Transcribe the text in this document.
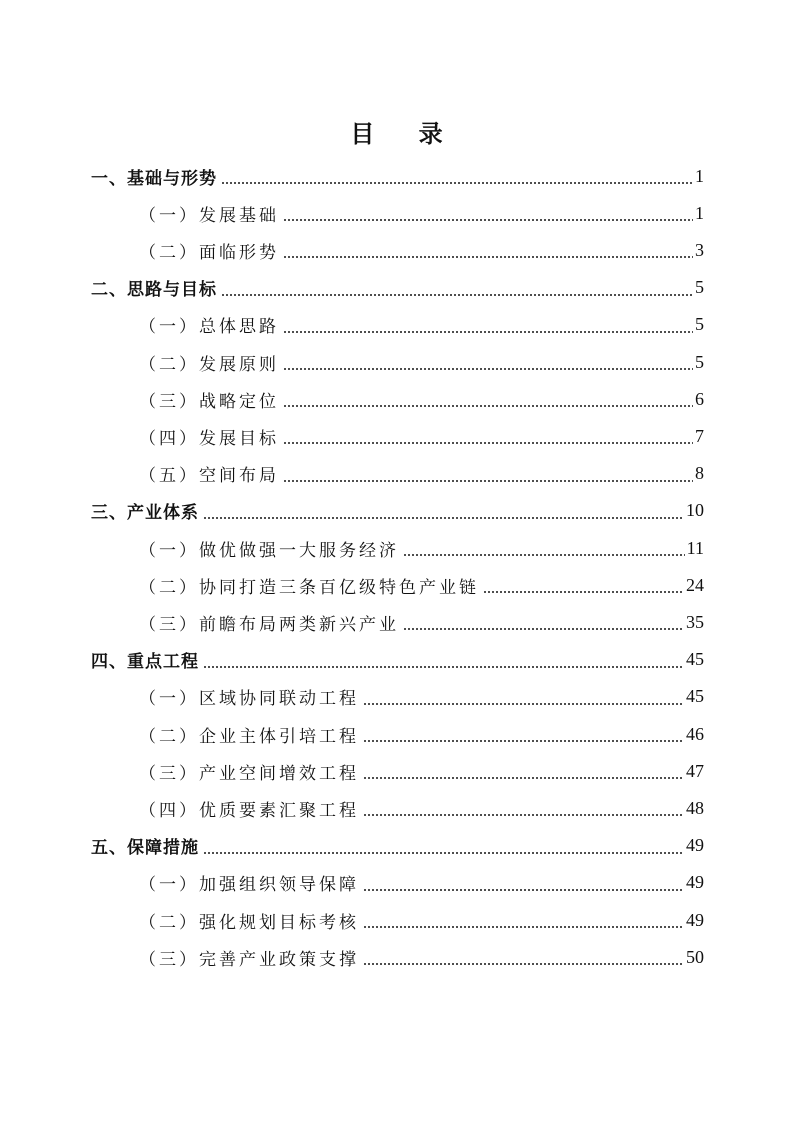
目 录
一、基础与形势	1
（一）发展基础	1
（二）面临形势	3
二、思路与目标	5
（一）总体思路	5
（二）发展原则	5
（三）战略定位	6
（四）发展目标	7
（五）空间布局	8
三、产业体系	10
（一）做优做强一大服务经济	11
（二）协同打造三条百亿级特色产业链	24
（三）前瞻布局两类新兴产业	35
四、重点工程	45
（一）区域协同联动工程	45
（二）企业主体引培工程	46
（三）产业空间增效工程	47
（四）优质要素汇聚工程	48
五、保障措施	49
（一）加强组织领导保障	49
（二）强化规划目标考核	49
（三）完善产业政策支撑	50
